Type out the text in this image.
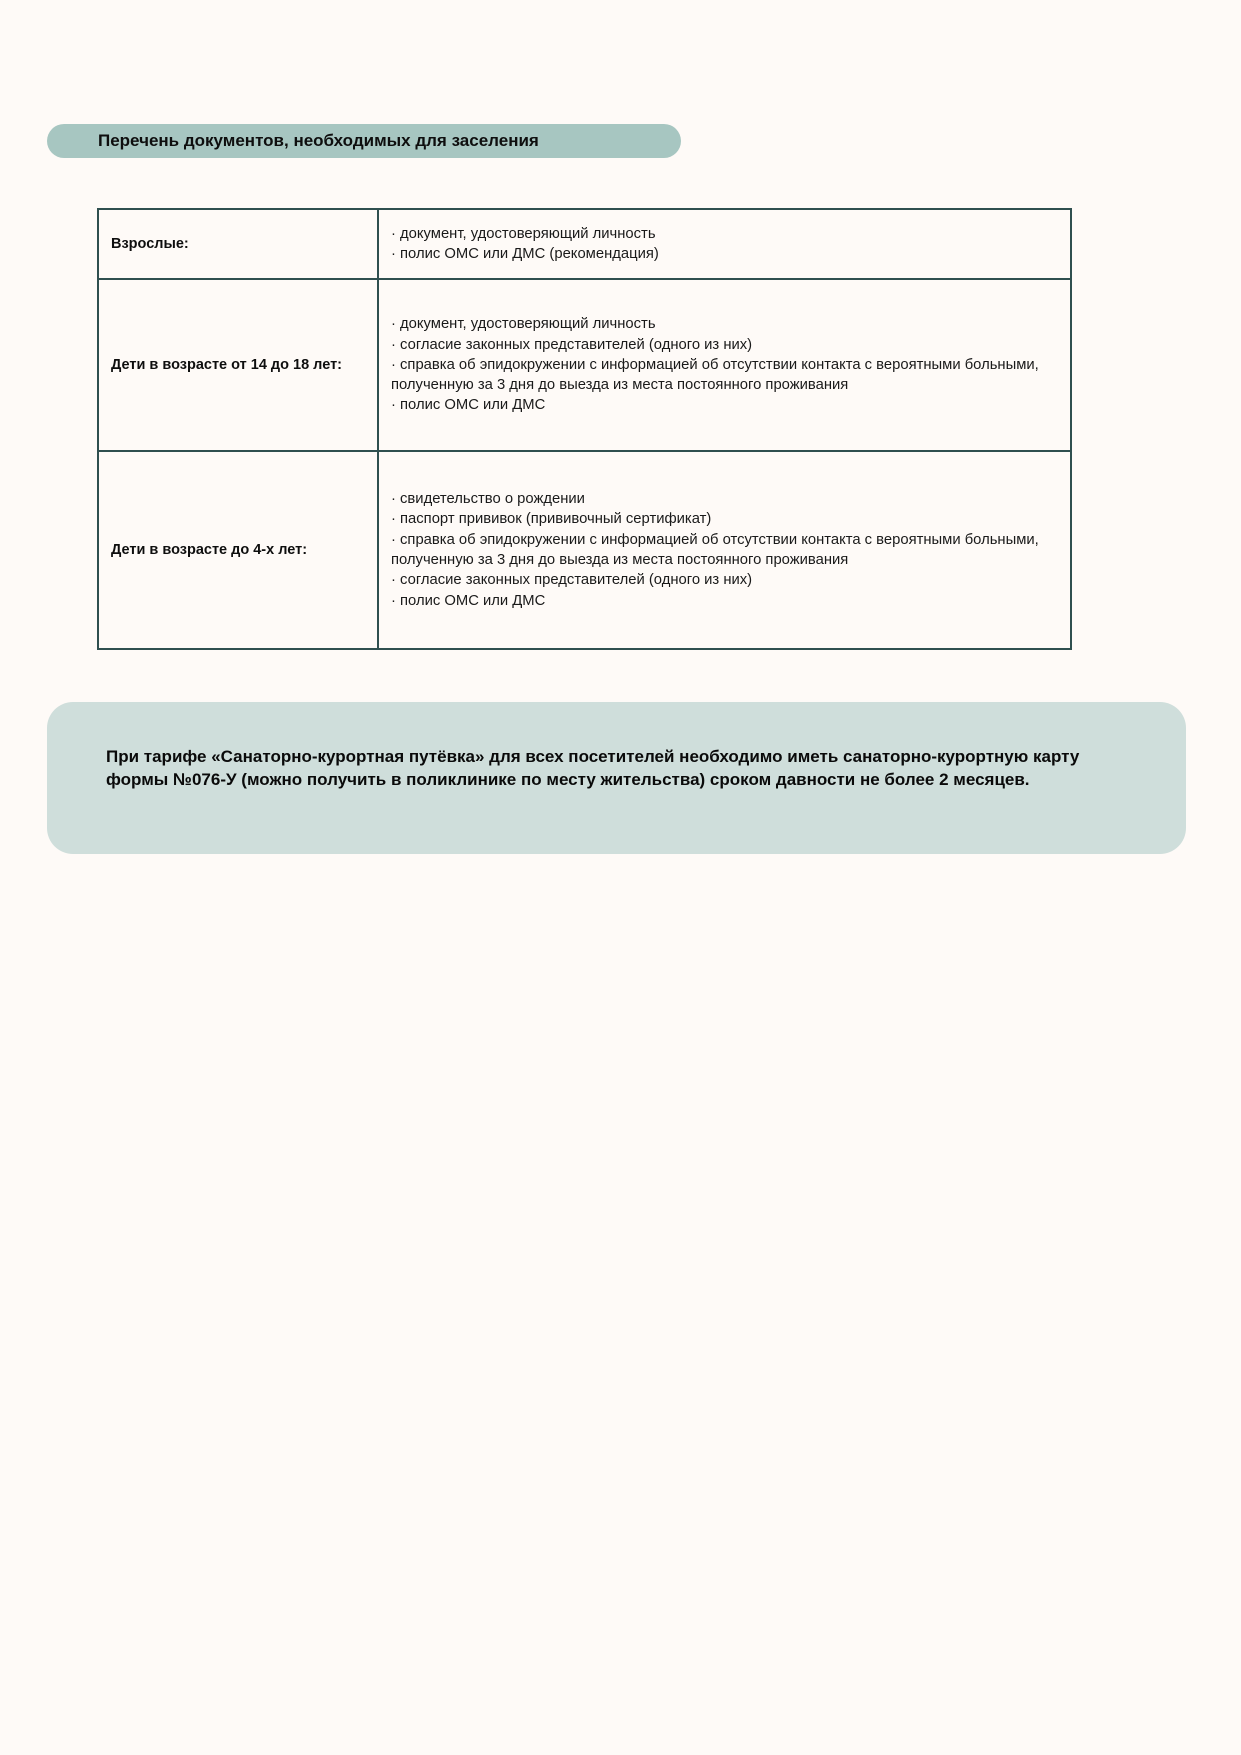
Перечень документов, необходимых для заселения
Взрослые:	· документ, удостоверяющий личность
· полис ОМС или ДМС (рекомендация)

Дети в возрасте от 14 до 18 лет:	· документ, удостоверяющий личность
· согласие законных представителей (одного из них)
· справка об эпидокружении с информацией об отсутствии контакта с вероятными больными, полученную за 3 дня до выезда из места постоянного проживания
· полис ОМС или ДМС

Дети в возрасте до 4-х лет:	· свидетельство о рождении
· паспорт прививок (прививочный сертификат)
· справка об эпидокружении с информацией об отсутствии контакта с вероятными больными, полученную за 3 дня до выезда из места постоянного проживания
· согласие законных представителей (одного из них)
· полис ОМС или ДМС

При тарифе «Санаторно-курортная путёвка» для всех посетителей необходимо иметь санаторно-курортную карту формы №076-У (можно получить в поликлинике по месту жительства) сроком давности не более 2 месяцев.
